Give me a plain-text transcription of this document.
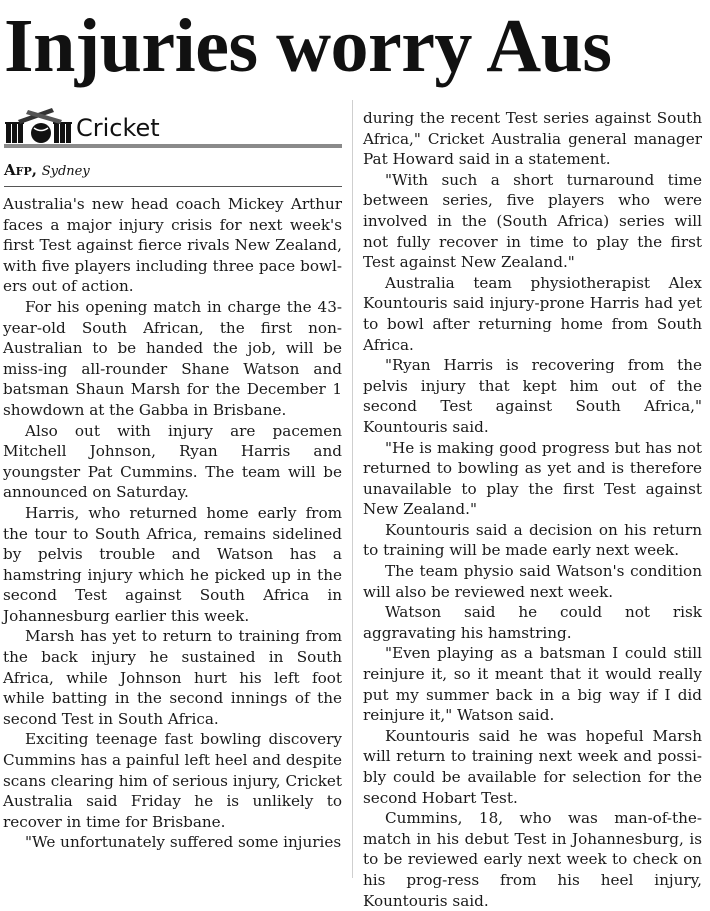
Injuries worry Aus
Cricket
Afp, Sydney

Australia's new head coach Mickey Arthur faces a major injury crisis for next week's first Test against fierce rivals New Zealand, with five players including three pace bowl-ers out of action.

For his opening match in charge the 43-year-old South African, the first non-Australian to be handed the job, will be miss-ing all-rounder Shane Watson and batsman Shaun Marsh for the December 1 showdown at the Gabba in Brisbane.

Also out with injury are pacemen Mitchell Johnson, Ryan Harris and youngster Pat Cummins. The team will be announced on Saturday.

Harris, who returned home early from the tour to South Africa, remains sidelined by pelvis trouble and Watson has a hamstring injury which he picked up in the second Test against South Africa in Johannesburg earlier this week.

Marsh has yet to return to training from the back injury he sustained in South Africa, while Johnson hurt his left foot while batting in the second innings of the second Test in South Africa.

Exciting teenage fast bowling discovery Cummins has a painful left heel and despite scans clearing him of serious injury, Cricket Australia said Friday he is unlikely to recover in time for Brisbane.

"We unfortunately suffered some injuries

during the recent Test series against South Africa," Cricket Australia general manager Pat Howard said in a statement.

"With such a short turnaround time between series, five players who were involved in the (South Africa) series will not fully recover in time to play the first Test against New Zealand."

Australia team physiotherapist Alex Kountouris said injury-prone Harris had yet to bowl after returning home from South Africa.

"Ryan Harris is recovering from the pelvis injury that kept him out of the second Test against South Africa," Kountouris said.

"He is making good progress but has not returned to bowling as yet and is therefore unavailable to play the first Test against New Zealand."

Kountouris said a decision on his return to training will be made early next week.

The team physio said Watson's condition will also be reviewed next week.

Watson said he could not risk aggravating his hamstring.

"Even playing as a batsman I could still reinjure it, so it meant that it would really put my summer back in a big way if I did reinjure it," Watson said.

Kountouris said he was hopeful Marsh will return to training next week and possi-bly could be available for selection for the second Hobart Test.

Cummins, 18, who was man-of-the-match in his debut Test in Johannesburg, is to be reviewed early next week to check on his prog-ress from his heel injury, Kountouris said.
